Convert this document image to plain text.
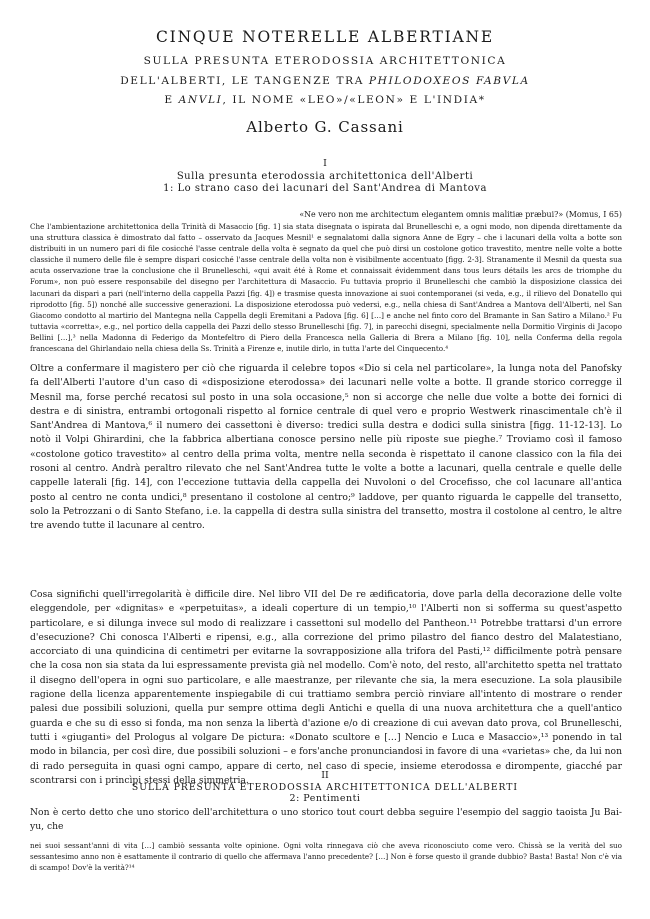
CINQUE NOTERELLE ALBERTIANE
SULLA PRESUNTA ETERODOSSIA ARCHITETTONICA
DELL'ALBERTI, LE TANGENZE TRA PHILODOXEOS FABVLA
E ANVLI, IL NOME «LEO»/«LEON» E L'INDIA*
Alberto G. Cassani
I
Sulla presunta eterodossia architettonica dell'Alberti
1: Lo strano caso dei lacunari del Sant'Andrea di Mantova
«Ne vero non me architectum elegantem omnis malitiæ præbui?» (Momus, I 65)

Che l'ambientazione architettonica della Trinità di Masaccio [fig. 1] sia stata disegnata o ispirata dal Brunelleschi e, a ogni modo, non dipenda direttamente da una struttura classica è dimostrato dal fatto – osservato da Jacques Mesnil¹ e segnalatomi dalla signora Anne de Egry – che i lacunari della volta a botte son distribuiti in un numero pari di file cosicché l'asse centrale della volta è segnato da quel che può dirsi un costolone gotico travestito, mentre nelle volte a botte classiche il numero delle file è sempre dispari cosicché l'asse centrale della volta non è visibilmente accentuato [figg. 2-3]. Stranamente il Mesnil da questa sua acuta osservazione trae la conclusione che il Brunelleschi, «qui avait été à Rome et connaissait évidemment dans tous leurs détails les arcs de triomphe du Forum», non può essere responsabile del disegno per l'architettura di Masaccio. Fu tuttavia proprio il Brunelleschi che cambiò la disposizione classica dei lacunari da dispari a pari (nell'interno della cappella Pazzi [fig. 4]) e trasmise questa innovazione ai suoi contemporanei (si veda, e.g., il rilievo del Donatello qui riprodotto [fig. 5]) nonché alle successive generazioni. La disposizione eterodossa può vedersi, e.g., nella chiesa di Sant'Andrea a Mantova dell'Alberti, nel San Giacomo condotto al martirio del Mantegna nella Cappella degli Eremitani a Padova [fig. 6] […] e anche nel finto coro del Bramante in San Satiro a Milano.² Fu tuttavia «corretta», e.g., nel portico della cappella dei Pazzi dello stesso Brunelleschi [fig. 7], in parecchi disegni, specialmente nella Dormitio Virginis di Jacopo Bellini […],³ nella Madonna di Federigo da Montefeltro di Piero della Francesca nella Galleria di Brera a Milano [fig. 10], nella Conferma della regola francescana del Ghirlandaio nella chiesa della Ss. Trinità a Firenze e, inutile dirlo, in tutta l'arte del Cinquecento.⁴

Oltre a confermare il magistero per ciò che riguarda il celebre topos «Dio si cela nel particolare», la lunga nota del Panofsky fa dell'Alberti l'autore d'un caso di «disposizione eterodossa» dei lacunari nelle volte a botte. Il grande storico corregge il Mesnil ma, forse perché recatosi sul posto in una sola occasione,⁵ non si accorge che nelle due volte a botte dei fornici di destra e di sinistra, entrambi ortogonali rispetto al fornice centrale di quel vero e proprio Westwerk rinascimentale ch'è il Sant'Andrea di Mantova,⁶ il numero dei cassettoni è diverso: tredici sulla destra e dodici sulla sinistra [figg. 11-12-13]. Lo notò il Volpi Ghirardini, che la fabbrica albertiana conosce persino nelle più riposte sue pieghe.⁷ Troviamo così il famoso «costolone gotico travestito» al centro della prima volta, mentre nella seconda è rispettato il canone classico con la fila dei rosoni al centro. Andrà peraltro rilevato che nel Sant'Andrea tutte le volte a botte a lacunari, quella centrale e quelle delle cappelle laterali [fig. 14], con l'eccezione tuttavia della cappella dei Nuvoloni o del Crocefisso, che col lacunare all'antica posto al centro ne conta undici,⁸ presentano il costolone al centro;⁹ laddove, per quanto riguarda le cappelle del transetto, solo la Petrozzani o di Santo Stefano, i.e. la cappella di destra sulla sinistra del transetto, mostra il costolone al centro, le altre tre avendo tutte il lacunare al centro.

Cosa significhi quell'irregolarità è difficile dire. Nel libro VII del De re ædificatoria, dove parla della decorazione delle volte eleggendole, per «dignitas» e «perpetuitas», a ideali coperture di un tempio,¹⁰ l'Alberti non si sofferma su quest'aspetto particolare, e si dilunga invece sul modo di realizzare i cassettoni sul modello del Pantheon.¹¹ Potrebbe trattarsi d'un errore d'esecuzione? Chi conosca l'Alberti e ripensi, e.g., alla correzione del primo pilastro del fianco destro del Malatestiano, accorciato di una quindicina di centimetri per evitarne la sovrapposizione alla trifora del Pasti,¹² difficilmente potrà pensare che la cosa non sia stata da lui espressamente prevista già nel modello. Com'è noto, del resto, all'architetto spetta nel trattato il disegno dell'opera in ogni suo particolare, e alle maestranze, per rilevante che sia, la mera esecuzione. La sola plausibile ragione della licenza apparentemente inspiegabile di cui trattiamo sembra perciò rinviare all'intento di mostrare o render palesi due possibili soluzioni, quella pur sempre ottima degli Antichi e quella di una nuova architettura che a quell'antico guarda e che su di esso si fonda, ma non senza la libertà d'azione e/o di creazione di cui avevan dato prova, col Brunelleschi, tutti i «giuganti» del Prologus al volgare De pictura: «Donato scultore e […] Nencio e Luca e Masaccio»,¹³ ponendo in tal modo in bilancia, per così dire, due possibili soluzioni – e fors'anche pronunciandosi in favore di una «varietas» che, da lui non di rado perseguita in quasi ogni campo, appare di certo, nel caso di specie, insieme eterodossa e dirompente, giacché par scontrarsi con i princìpi stessi della simmetria.	II
SULLA PRESUNTA ETERODOSSIA ARCHITETTONICA DELL'ALBERTI
2: Pentimenti

Non è certo detto che uno storico dell'architettura o uno storico tout court debba seguire l'esempio del saggio taoista Ju Bai-yu, che

nei suoi sessant'anni di vita […] cambiò sessanta volte opinione. Ogni volta rinnegava ciò che aveva riconosciuto come vero. Chissà se la verità del suo sessantesimo anno non è esattamente il contrario di quello che affermava l'anno precedente? […] Non è forse questo il grande dubbio? Basta! Basta! Non c'è via di scampo! Dov'è la verità?¹⁴
